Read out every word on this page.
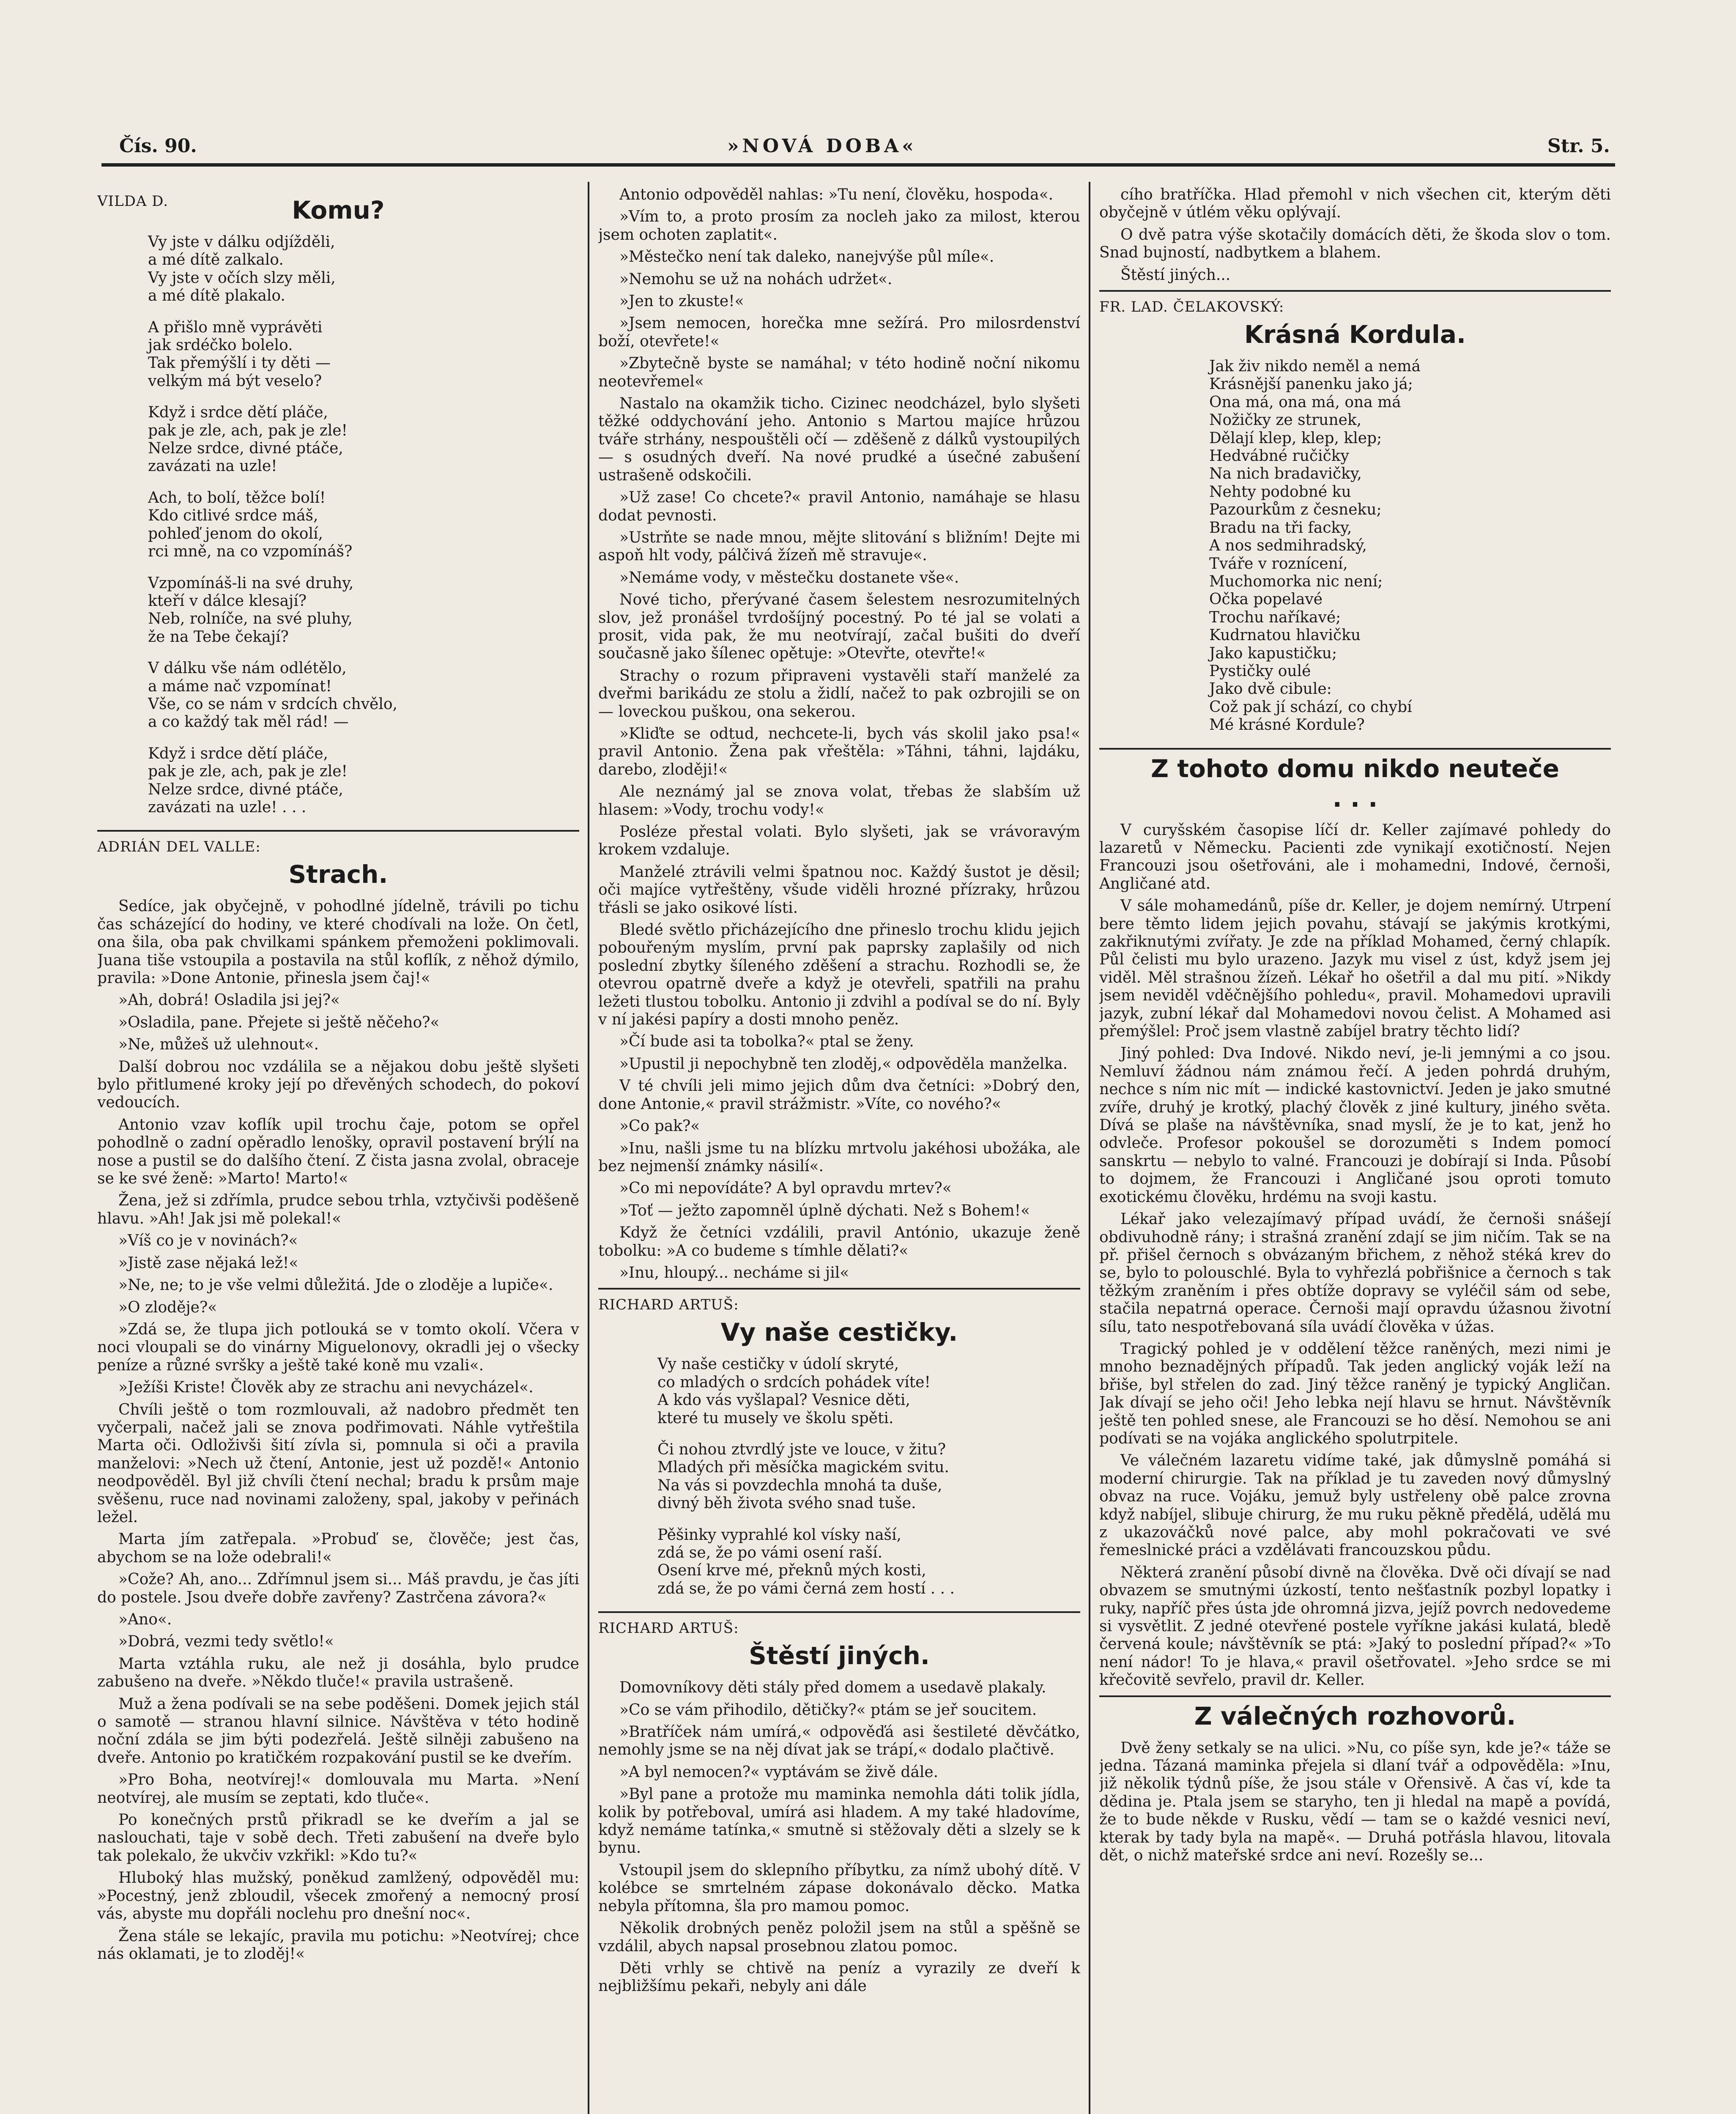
Čís. 90.	»NOVÁ DOBA«	Str. 5.
VILDA D.	Komu?
Vy jste v dálku odjížděli,
a mé dítě zalkalo.
Vy jste v očích slzy měli,
a mé dítě plakalo.
A přišlo mně vyprávěti
jak srdéčko bolelo.
Tak přemýšlí i ty děti —
velkým má být veselo?
Když i srdce dětí pláče,
pak je zle, ach, pak je zle!
Nelze srdce, divné ptáče,
zavázati na uzle!
Ach, to bolí, těžce bolí!
Kdo citlivé srdce máš,
pohleď jenom do okolí,
rci mně, na co vzpomínáš?
Vzpomínáš-li na své druhy,
kteří v dálce klesají?
Neb, rolníče, na své pluhy,
že na Tebe čekají?
V dálku vše nám odlétělo,
a máme nač vzpomínat!
Vše, co se nám v srdcích chvělo,
a co každý tak měl rád! —
Když i srdce dětí pláče,
pak je zle, ach, pak je zle!
Nelze srdce, divné ptáče,
zavázati na uzle! . . .
ADRIÁN DEL VALLE:
Strach.

Sedíce, jak obyčejně, v pohodlné jídelně, trávili po tichu čas scházející do hodiny, ve které chodívali na lože. On četl, ona šila, oba pak chvilkami spánkem přemoženi poklimovali. Juana tiše vstoupila a postavila na stůl koflík, z něhož dýmilo, pravila: »Done Antonie, přinesla jsem čaj!«

»Ah, dobrá! Osladila jsi jej?«

»Osladila, pane. Přejete si ještě něčeho?«

»Ne, můžeš už ulehnout«.

Další dobrou noc vzdálila se a nějakou dobu ještě slyšeti bylo přitlumené kroky její po dřevěných schodech, do pokoví vedoucích.

Antonio vzav koflík upil trochu čaje, potom se opřel pohodlně o zadní opěradlo lenošky, opravil postavení brýlí na nose a pustil se do dalšího čtení. Z čista jasna zvolal, obraceje se ke své ženě: »Marto! Marto!«

Žena, jež si zdřímla, prudce sebou trhla, vztyčivši poděšeně hlavu. »Ah! Jak jsi mě polekal!«

»Víš co je v novinách?«

»Jistě zase nějaká lež!«

»Ne, ne; to je vše velmi důležitá. Jde o zloděje a lupiče«.

»O zloděje?«

»Zdá se, že tlupa jich potlouká se v tomto okolí. Včera v noci vloupali se do vinárny Miguelonovy, okradli jej o všecky peníze a různé svršky a ještě také koně mu vzali«.

»Ježíši Kriste! Člověk aby ze strachu ani nevycházel«.

Chvíli ještě o tom rozmlouvali, až nadobro předmět ten vyčerpali, načež jali se znova podřimovati. Náhle vytřeštila Marta oči. Odloživši šití zívla si, pomnula si oči a pravila manželovi: »Nech už čtení, Antonie, jest už pozdě!« Antonio neodpověděl. Byl již chvíli čtení nechal; bradu k prsům maje svěšenu, ruce nad novinami založeny, spal, jakoby v peřinách ležel.

Marta jím zatřepala. »Probuď se, člověče; jest čas, abychom se na lože odebrali!«

»Cože? Ah, ano... Zdřímnul jsem si... Máš pravdu, je čas jíti do postele. Jsou dveře dobře zavřeny? Zastrčena závora?«

»Ano«.

»Dobrá, vezmi tedy světlo!«

Marta vztáhla ruku, ale než ji dosáhla, bylo prudce zabušeno na dveře. »Někdo tluče!« pravila ustrašeně.

Muž a žena podívali se na sebe poděšeni. Domek jejich stál o samotě — stranou hlavní silnice. Návštěva v této hodině noční zdála se jim býti podezřelá. Ještě silněji zabušeno na dveře. Antonio po kratičkém rozpakování pustil se ke dveřím.

»Pro Boha, neotvírej!« domlouvala mu Marta. »Není neotvírej, ale musím se zeptati, kdo tluče«.

Po konečných prstů přikradl se ke dveřím a jal se naslouchati, taje v sobě dech. Třeti zabušení na dveře bylo tak polekalo, že ukvčiv vzkřikl: »Kdo tu?«

Hluboký hlas mužský, poněkud zamlžený, odpověděl mu: »Pocestný, jenž zbloudil, všecek zmořený a nemocný prosí vás, abyste mu dopřáli noclehu pro dnešní noc«.

Žena stále se lekajíc, pravila mu potichu: »Neotvírej; chce nás oklamati, je to zloděj!«

Antonio odpověděl nahlas: »Tu není, člověku, hospoda«.

»Vím to, a proto prosím za nocleh jako za milost, kterou jsem ochoten zaplatit«.

»Městečko není tak daleko, nanejvýše půl míle«.

»Nemohu se už na nohách udržet«.

»Jen to zkuste!«

»Jsem nemocen, horečka mne sežírá. Pro milosrdenství boží, otevřete!«

»Zbytečně byste se namáhal; v této hodině noční nikomu neotevřemel«

Nastalo na okamžik ticho. Cizinec neodcházel, bylo slyšeti těžké oddychování jeho. Antonio s Martou majíce hrůzou tváře strhány, nespouštěli očí — zděšeně z dálků vystoupilých — s osudných dveří. Na nové prudké a úsečné zabušení ustrašeně odskočili.

»Už zase! Co chcete?« pravil Antonio, namáhaje se hlasu dodat pevnosti.

»Ustrňte se nade mnou, mějte slitování s bližním! Dejte mi aspoň hlt vody, pálčivá žízeň mě stravuje«.

»Nemáme vody, v městečku dostanete vše«.

Nové ticho, přerývané časem šelestem nesrozumitelných slov, jež pronášel tvrdošíjný pocestný. Po té jal se volati a prosit, vida pak, že mu neotvírají, začal bušiti do dveří současně jako šílenec opětuje: »Otevřte, otevřte!«

Strachy o rozum připraveni vystavěli staří manželé za dveřmi barikádu ze stolu a židlí, načež to pak ozbrojili se on — loveckou puškou, ona sekerou.

»Kliďte se odtud, nechcete-li, bych vás skolil jako psa!« pravil Antonio. Žena pak vřeštěla: »Táhni, táhni, lajdáku, darebo, zloději!«

Ale neznámý jal se znova volat, třebas že slabším už hlasem: »Vody, trochu vody!«

Posléze přestal volati. Bylo slyšeti, jak se vrávoravým krokem vzdaluje.

Manželé ztrávili velmi špatnou noc. Každý šustot je děsil; oči majíce vytřeštěny, všude viděli hrozné přízraky, hrůzou třásli se jako osikové lísti.

Bledé světlo přicházejícího dne přineslo trochu klidu jejich pobouřeným myslím, první pak paprsky zaplašily od nich poslední zbytky šíleného zděšení a strachu. Rozhodli se, že otevrou opatrně dveře a když je otevřeli, spatřili na prahu ležeti tlustou tobolku. Antonio ji zdvihl a podíval se do ní. Byly v ní jakési papíry a dosti mnoho peněz.

»Čí bude asi ta tobolka?« ptal se ženy.

»Upustil ji nepochybně ten zloděj,« odpověděla manželka.

V té chvíli jeli mimo jejich dům dva četníci: »Dobrý den, done Antonie,« pravil strážmistr. »Víte, co nového?«

»Co pak?«

»Inu, našli jsme tu na blízku mrtvolu jakéhosi ubožáka, ale bez nejmenší známky násilí«.

»Co mi nepovídáte? A byl opravdu mrtev?«

»Toť — ježto zapomněl úplně dýchati. Než s Bohem!«

Když že četníci vzdálili, pravil António, ukazuje ženě tobolku: »A co budeme s tímhle dělati?«

»Inu, hloupý... necháme si jil«

RICHARD ARTUŠ:
Vy naše cestičky.
Vy naše cestičky v údolí skryté,
co mladých o srdcích pohádek víte!
A kdo vás vyšlapal? Vesnice děti,
které tu musely ve školu spěti.
Či nohou ztvrdlý jste ve louce, v žitu?
Mladých při měsíčka magickém svitu.
Na vás si povzdechla mnohá ta duše,
divný běh života svého snad tuše.
Pěšinky vyprahlé kol vísky naší,
zdá se, že po vámi osení raší.
Osení krve mé, překnů mých kosti,
zdá se, že po vámi černá zem hostí . . .
RICHARD ARTUŠ:
Štěstí jiných.

Domovníkovy děti stály před domem a usedavě plakaly.

»Co se vám přihodilo, dětičky?« ptám se jeř soucitem.

»Bratříček nám umírá,« odpověďá asi šestileté děvčátko, nemohly jsme se na něj dívat jak se trápí,« dodalo plačtivě.

»A byl nemocen?« vyptávám se živě dále.

»Byl pane a protože mu maminka nemohla dáti tolik jídla, kolik by potřeboval, umírá asi hladem. A my také hladovíme, když nemáme tatínka,« smutně si stěžovaly děti a slzely se k bynu.

Vstoupil jsem do sklepního příbytku, za nímž ubohý dítě. V kolébce se smrtelném zápase dokonávalo děcko. Matka nebyla přítomna, šla pro mamou pomoc.

Několik drobných peněz položil jsem na stůl a spěšně se vzdálil, abych napsal prosebnou zlatou pomoc.

Děti vrhly se chtivě na peníz a vyrazily ze dveří k nejbližšímu pekaři, nebyly ani dále

cího bratříčka. Hlad přemohl v nich všechen cit, kterým děti obyčejně v útlém věku oplývají.

O dvě patra výše skotačily domácích děti, že škoda slov o tom. Snad bujností, nadbytkem a blahem.

Štěstí jiných...

FR. LAD. ČELAKOVSKÝ:
Krásná Kordula.
Jak živ nikdo neměl a nemá
Krásnější panenku jako já;
Ona má, ona má, ona má
Nožičky ze strunek,
Dělají klep, klep, klep;
Hedvábné ručičky
Na nich bradavičky,
Nehty podobné ku
Pazourkům z česneku;
Bradu na tři facky,
A nos sedmihradský,
Tváře v roznícení,
Muchomorka nic není;
Očka popelavé
Trochu naříkavé;
Kudrnatou hlavičku
Jako kapustičku;
Pystičky oulé
Jako dvě cibule:
Což pak jí schází, co chybí
Mé krásné Kordule?
Z tohoto domu nikdo neuteče . . .

V curyšském časopise líčí dr. Keller zajímavé pohledy do lazaretů v Německu. Pacienti zde vynikají exotičností. Nejen Francouzi jsou ošetřováni, ale i mohamedni, Indové, černoši, Angličané atd.

V sále mohamedánů, píše dr. Keller, je dojem nemírný. Utrpení bere těmto lidem jejich povahu, stávají se jakýmis krotkými, zakřiknutými zvířaty. Je zde na příklad Mohamed, černý chlapík. Půl čelisti mu bylo urazeno. Jazyk mu visel z úst, když jsem jej viděl. Měl strašnou žízeň. Lékař ho ošetřil a dal mu pití. »Nikdy jsem neviděl vděčnějšího pohledu«, pravil. Mohamedovi upravili jazyk, zubní lékař dal Mohamedovi novou čelist. A Mohamed asi přemýšlel: Proč jsem vlastně zabíjel bratry těchto lidí?

Jiný pohled: Dva Indové. Nikdo neví, je-li jemnými a co jsou. Nemluví žádnou nám známou řečí. A jeden pohrdá druhým, nechce s ním nic mít — indické kastovnictví. Jeden je jako smutné zvíře, druhý je krotký, plachý člověk z jiné kultury, jiného světa. Dívá se plaše na návštěvníka, snad myslí, že je to kat, jenž ho odvleče. Profesor pokoušel se dorozuměti s Indem pomocí sanskrtu — nebylo to valné. Francouzi je dobírají si Inda. Působí to dojmem, že Francouzi i Angličané jsou oproti tomuto exotickému člověku, hrdému na svoji kastu.

Lékař jako velezajímavý případ uvádí, že černoši snášejí obdivuhodně rány; i strašná zranění zdají se jim ničím. Tak se na př. přišel černoch s obvázaným břichem, z něhož stéká krev do se, bylo to polouschlé. Byla to vyhřezlá pobřišnice a černoch s tak těžkým zraněním i přes obtíže dopravy se vyléčil sám od sebe, stačila nepatrná operace. Černoši mají opravdu úžasnou životní sílu, tato nespotřebovaná síla uvádí člověka v úžas.

Tragický pohled je v oddělení těžce raněných, mezi nimi je mnoho beznadějných případů. Tak jeden anglický voják leží na břiše, byl střelen do zad. Jiný těžce raněný je typický Angličan. Jak dívají se jeho oči! Jeho lebka nejí hlavu se hrnut. Návštěvník ještě ten pohled snese, ale Francouzi se ho děsí. Nemohou se ani podívati se na vojáka anglického spolutrpitele.

Ve válečném lazaretu vidíme také, jak důmyslně pomáhá si moderní chirurgie. Tak na příklad je tu zaveden nový důmyslný obvaz na ruce. Vojáku, jemuž byly ustřeleny obě palce zrovna když nabíjel, slibuje chirurg, že mu ruku pěkně předělá, udělá mu z ukazováčků nové palce, aby mohl pokračovati ve své řemeslnické práci a vzdělávati francouzskou půdu.

Některá zranění působí divně na člověka. Dvě oči dívají se nad obvazem se smutnými úzkostí, tento nešťastník pozbyl lopatky i ruky, napříč přes ústa jde ohromná jizva, jejíž povrch nedovedeme si vysvětlit. Z jedné otevřené postele vyříkne jakási kulatá, bledě červená koule; návštěvník se ptá: »Jaký to poslední případ?« »To není nádor! To je hlava,« pravil ošetřovatel. »Jeho srdce se mi křečovitě sevřelo, pravil dr. Keller.

Z válečných rozhovorů.

Dvě ženy setkaly se na ulici. »Nu, co píše syn, kde je?« táže se jedna. Tázaná maminka přejela si dlaní tvář a odpověděla: »Inu, již několik týdnů píše, že jsou stále v Ořensivě. A čas ví, kde ta dědina je. Ptala jsem se staryho, ten ji hledal na mapě a povídá, že to bude někde v Rusku, vědí — tam se o každé vesnici neví, kterak by tady byla na mapě«. — Druhá potřásla hlavou, litovala dět, o nichž mateřské srdce ani neví. Rozešly se...
